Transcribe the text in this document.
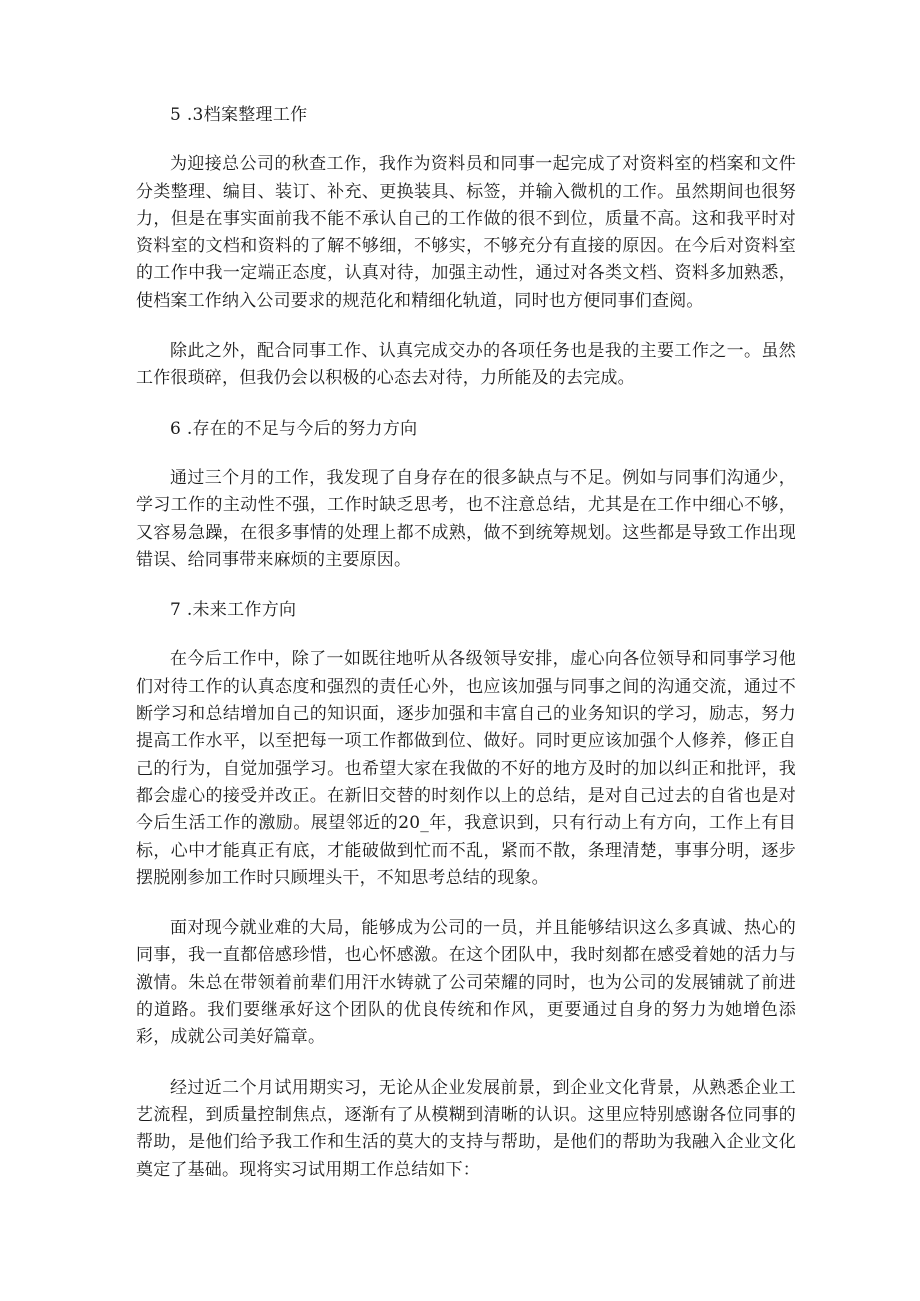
5 .3档案整理工作

为迎接总公司的秋查工作，我作为资料员和同事一起完成了对资料室的档案和文件分类整理、编目、装订、补充、更换装具、标签，并输入微机的工作。虽然期间也很努力，但是在事实面前我不能不承认自己的工作做的很不到位，质量不高。这和我平时对资料室的文档和资料的了解不够细，不够实，不够充分有直接的原因。在今后对资料室的工作中我一定端正态度，认真对待，加强主动性，通过对各类文档、资料多加熟悉，使档案工作纳入公司要求的规范化和精细化轨道，同时也方便同事们查阅。

除此之外，配合同事工作、认真完成交办的各项任务也是我的主要工作之一。虽然工作很琐碎，但我仍会以积极的心态去对待，力所能及的去完成。

6 .存在的不足与今后的努力方向

通过三个月的工作，我发现了自身存在的很多缺点与不足。例如与同事们沟通少，学习工作的主动性不强，工作时缺乏思考，也不注意总结，尤其是在工作中细心不够，又容易急躁，在很多事情的处理上都不成熟，做不到统筹规划。这些都是导致工作出现错误、给同事带来麻烦的主要原因。

7 .未来工作方向

在今后工作中，除了一如既往地听从各级领导安排，虚心向各位领导和同事学习他们对待工作的认真态度和强烈的责任心外，也应该加强与同事之间的沟通交流，通过不断学习和总结增加自己的知识面，逐步加强和丰富自己的业务知识的学习，励志，努力提高工作水平，以至把每一项工作都做到位、做好。同时更应该加强个人修养，修正自己的行为，自觉加强学习。也希望大家在我做的不好的地方及时的加以纠正和批评，我都会虚心的接受并改正。在新旧交替的时刻作以上的总结，是对自己过去的自省也是对今后生活工作的激励。展望邻近的20_年，我意识到，只有行动上有方向，工作上有目标，心中才能真正有底，才能破做到忙而不乱，紧而不散，条理清楚，事事分明，逐步摆脱刚参加工作时只顾埋头干，不知思考总结的现象。

面对现今就业难的大局，能够成为公司的一员，并且能够结识这么多真诚、热心的同事，我一直都倍感珍惜，也心怀感激。在这个团队中，我时刻都在感受着她的活力与激情。朱总在带领着前辈们用汗水铸就了公司荣耀的同时，也为公司的发展铺就了前进的道路。我们要继承好这个团队的优良传统和作风，更要通过自身的努力为她增色添彩，成就公司美好篇章。

经过近二个月试用期实习，无论从企业发展前景，到企业文化背景，从熟悉企业工艺流程，到质量控制焦点，逐渐有了从模糊到清晰的认识。这里应特别感谢各位同事的帮助，是他们给予我工作和生活的莫大的支持与帮助，是他们的帮助为我融入企业文化奠定了基础。现将实习试用期工作总结如下：
